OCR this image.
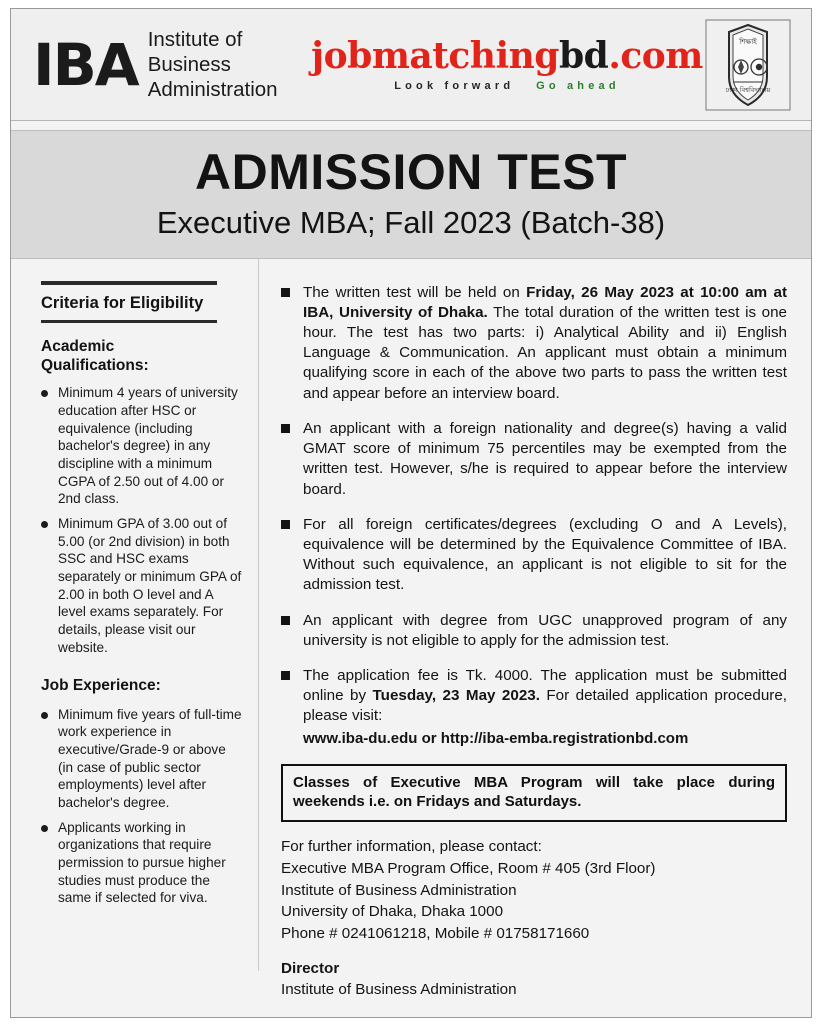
IBA Institute of
Business
Administration
jobmatchingbd.com
Look forward Go ahead
শিক্ষাই
ঢাকা বিশ্ববিদ্যালয়
ADMISSION TEST
Executive MBA; Fall 2023 (Batch-38)
Criteria for Eligibility
Academic
Qualifications:
Minimum 4 years of university education after HSC or equivalence (including bachelor's degree) in any discipline with a minimum CGPA of 2.50 out of 4.00 or 2nd class.
Minimum GPA of 3.00 out of 5.00 (or 2nd division) in both SSC and HSC exams separately or minimum GPA of 2.00 in both O level and A level exams separately. For details, please visit our website.
Job Experience:
Minimum five years of full-time work experience in executive/Grade-9 or above (in case of public sector employments) level after bachelor's degree.
Applicants working in organizations that require permission to pursue higher studies must produce the same if selected for viva.
The written test will be held on Friday, 26 May 2023 at 10:00 am at IBA, University of Dhaka. The total duration of the written test is one hour. The test has two parts: i) Analytical Ability and ii) English Language & Communication. An applicant must obtain a minimum qualifying score in each of the above two parts to pass the written test and appear before an interview board.
An applicant with a foreign nationality and degree(s) having a valid GMAT score of minimum 75 percentiles may be exempted from the written test. However, s/he is required to appear before the interview board.
For all foreign certificates/degrees (excluding O and A Levels), equivalence will be determined by the Equivalence Committee of IBA. Without such equivalence, an applicant is not eligible to sit for the admission test.
An applicant with degree from UGC unapproved program of any university is not eligible to apply for the admission test.
The application fee is Tk. 4000. The application must be submitted online by Tuesday, 23 May 2023. For detailed application procedure, please visit:
www.iba-du.edu or http://iba-emba.registrationbd.com
Classes of Executive MBA Program will take place during weekends i.e. on Fridays and Saturdays.
For further information, please contact:
Executive MBA Program Office, Room # 405 (3rd Floor)
Institute of Business Administration
University of Dhaka, Dhaka 1000
Phone # 0241061218, Mobile # 01758171660
Director
Institute of Business Administration
